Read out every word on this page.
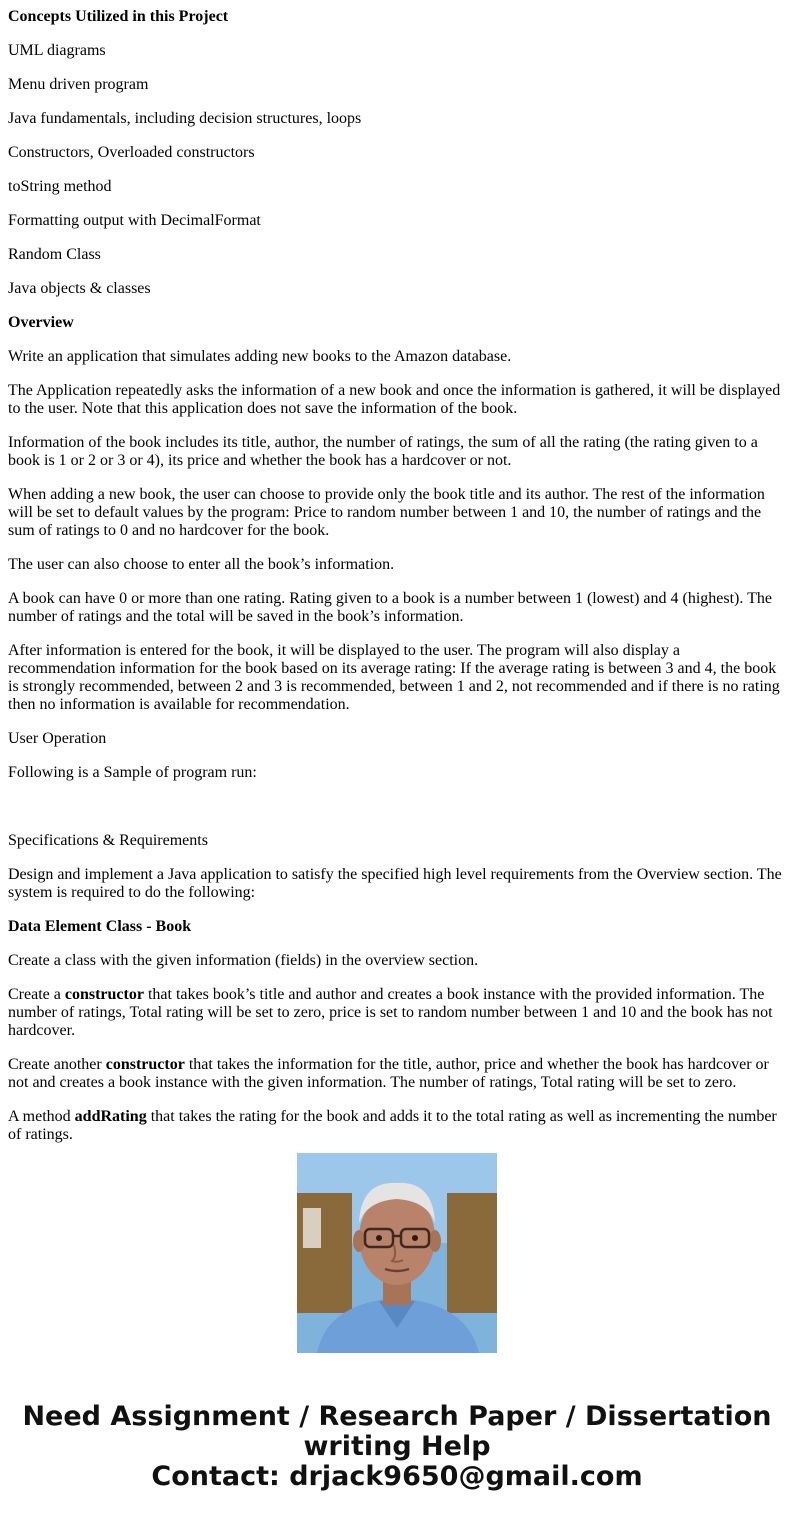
Concepts Utilized in this Project

UML diagrams

Menu driven program

Java fundamentals, including decision structures, loops

Constructors, Overloaded constructors

toString method

Formatting output with DecimalFormat

Random Class

Java objects & classes

Overview

Write an application that simulates adding new books to the Amazon database.

The Application repeatedly asks the information of a new book and once the information is gathered, it will be displayed to the user. Note that this application does not save the information of the book.

Information of the book includes its title, author, the number of ratings, the sum of all the rating (the rating given to a book is 1 or 2 or 3 or 4), its price and whether the book has a hardcover or not.

When adding a new book, the user can choose to provide only the book title and its author. The rest of the information will be set to default values by the program: Price to random number between 1 and 10, the number of ratings and the sum of ratings to 0 and no hardcover for the book.

The user can also choose to enter all the book’s information.

A book can have 0 or more than one rating. Rating given to a book is a number between 1 (lowest) and 4 (highest). The number of ratings and the total will be saved in the book’s information.

After information is entered for the book, it will be displayed to the user. The program will also display a recommendation information for the book based on its average rating: If the average rating is between 3 and 4, the book is strongly recommended, between 2 and 3 is recommended, between 1 and 2, not recommended and if there is no rating then no information is available for recommendation.

User Operation

Following is a Sample of program run:

Specifications & Requirements

Design and implement a Java application to satisfy the specified high level requirements from the Overview section. The system is required to do the following:

Data Element Class - Book

Create a class with the given information (fields) in the overview section.

Create a constructor that takes book’s title and author and creates a book instance with the provided information. The number of ratings, Total rating will be set to zero, price is set to random number between 1 and 10 and the book has not hardcover.

Create another constructor that takes the information for the title, author, price and whether the book has hardcover or not and creates a book instance with the given information. The number of ratings, Total rating will be set to zero.

A method addRating that takes the rating for the book and adds it to the total rating as well as incrementing the number of ratings.

Need Assignment / Research Paper / Dissertation
writing Help
Contact: drjack9650@gmail.com
